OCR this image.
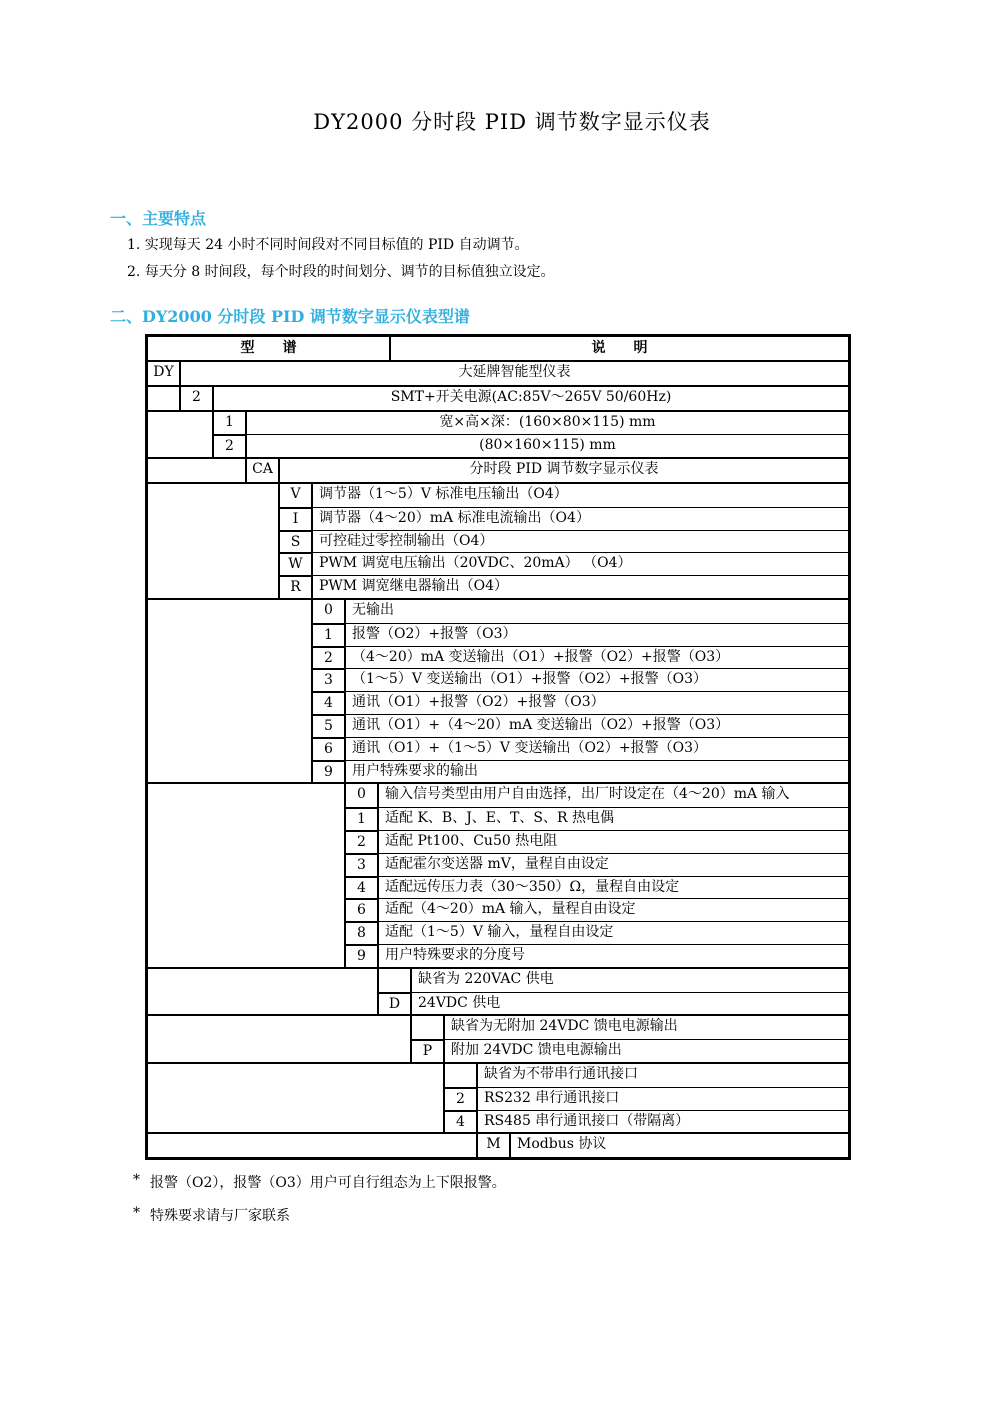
DY2000 分时段 PID 调节数字显示仪表
一、主要特点
1. 实现每天 24 小时不同时间段对不同目标值的 PID 自动调节。
2. 每天分 8 时间段，每个时段的时间划分、调节的目标值独立设定。
二、DY2000 分时段 PID 调节数字显示仪表型谱
型　　谱	说　　明
DY	大延牌智能型仪表
2	SMT+开关电源(AC:85V～265V 50/60Hz)
1	宽×高×深：(160×80×115) mm
2	(80×160×115) mm
CA	分时段 PID 调节数字显示仪表
V	调节器（1～5）V 标准电压输出（O4）
I	调节器（4～20）mA 标准电流输出（O4）
S	可控硅过零控制输出（O4）
W	PWM 调宽电压输出（20VDC、20mA） （O4）
R	PWM 调宽继电器输出（O4）
0	无输出
1	报警（O2）+报警（O3）
2	（4～20）mA 变送输出（O1）+报警（O2）+报警（O3）
3	（1～5）V 变送输出（O1）+报警（O2）+报警（O3）
4	通讯（O1）+报警（O2）+报警（O3）
5	通讯（O1）+（4～20）mA 变送输出（O2）+报警（O3）
6	通讯（O1）+（1～5）V 变送输出（O2）+报警（O3）
9	用户特殊要求的输出
0	输入信号类型由用户自由选择，出厂时设定在（4～20）mA 输入
1	适配 K、B、J、E、T、S、R 热电偶
2	适配 Pt100、Cu50 热电阻
3	适配霍尔变送器 mV，量程自由设定
4	适配远传压力表（30～350）Ω，量程自由设定
6	适配（4～20）mA 输入，量程自由设定
8	适配（1～5）V 输入，量程自由设定
9	用户特殊要求的分度号
缺省为 220VAC 供电
D	24VDC 供电
缺省为无附加 24VDC 馈电电源输出
P	附加 24VDC 馈电电源输出
缺省为不带串行通讯接口
2	RS232 串行通讯接口
4	RS485 串行通讯接口（带隔离）
M	Modbus 协议
* 报警（O2），报警（O3）用户可自行组态为上下限报警。
* 特殊要求请与厂家联系
